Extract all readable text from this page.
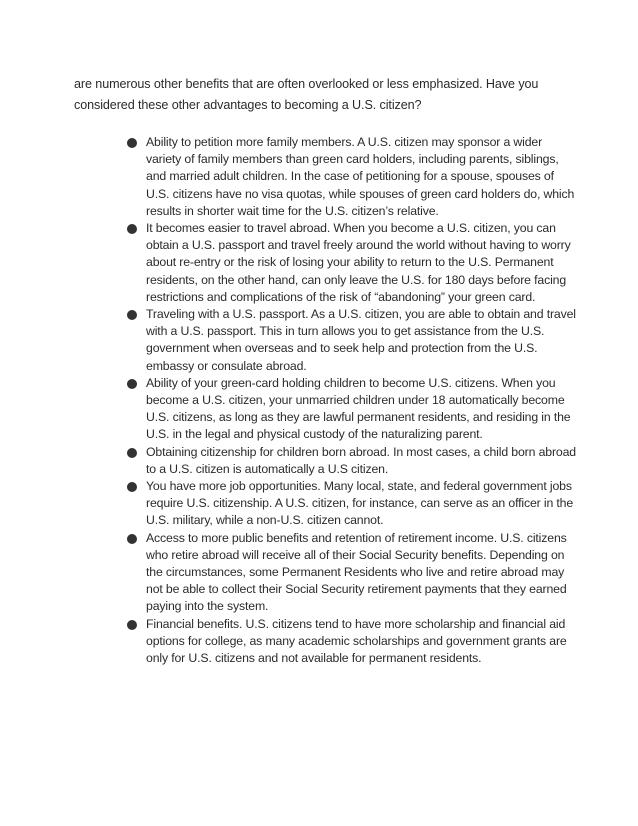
are numerous other benefits that are often overlooked or less emphasized. Have you
considered these other advantages to becoming a U.S. citizen?

Ability to petition more family members. A U.S. citizen may sponsor a wider variety of family members than green card holders, including parents, siblings, and married adult children. In the case of petitioning for a spouse, spouses of U.S. citizens have no visa quotas, while spouses of green card holders do, which results in shorter wait time for the U.S. citizen’s relative.
It becomes easier to travel abroad. When you become a U.S. citizen, you can obtain a U.S. passport and travel freely around the world without having to worry about re-entry or the risk of losing your ability to return to the U.S. Permanent residents, on the other hand, can only leave the U.S. for 180 days before facing restrictions and complications of the risk of “abandoning” your green card.
Traveling with a U.S. passport. As a U.S. citizen, you are able to obtain and travel with a U.S. passport. This in turn allows you to get assistance from the U.S. government when overseas and to seek help and protection from the U.S. embassy or consulate abroad.
Ability of your green-card holding children to become U.S. citizens. When you become a U.S. citizen, your unmarried children under 18 automatically become U.S. citizens, as long as they are lawful permanent residents, and residing in the U.S. in the legal and physical custody of the naturalizing parent.
Obtaining citizenship for children born abroad. In most cases, a child born abroad to a U.S. citizen is automatically a U.S citizen.
You have more job opportunities. Many local, state, and federal government jobs require U.S. citizenship. A U.S. citizen, for instance, can serve as an officer in the U.S. military, while a non-U.S. citizen cannot.
Access to more public benefits and retention of retirement income. U.S. citizens who retire abroad will receive all of their Social Security benefits. Depending on the circumstances, some Permanent Residents who live and retire abroad may not be able to collect their Social Security retirement payments that they earned paying into the system.
Financial benefits. U.S. citizens tend to have more scholarship and financial aid options for college, as many academic scholarships and government grants are only for U.S. citizens and not available for permanent residents.
